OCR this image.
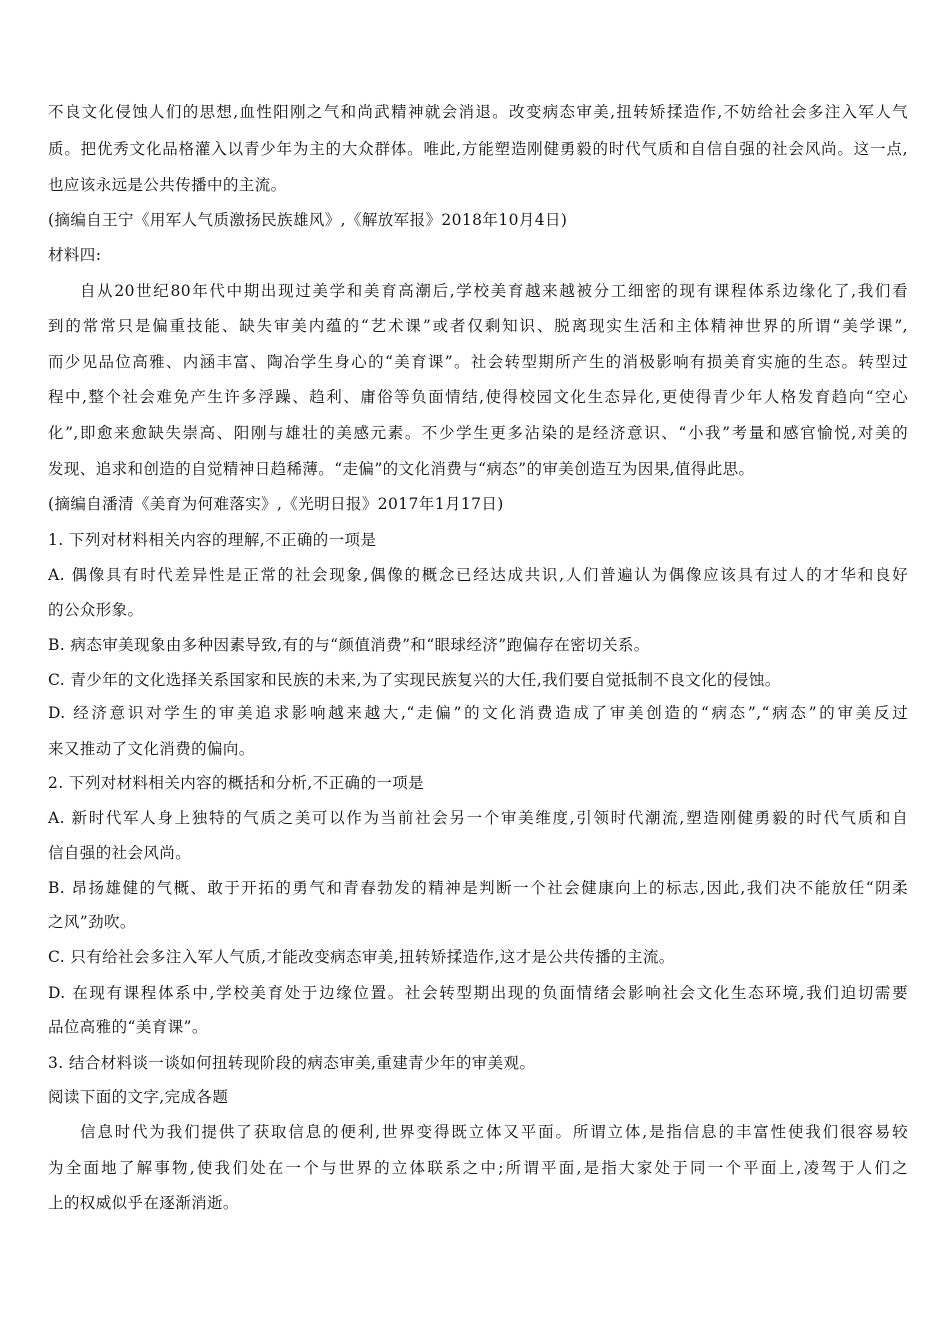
不良文化侵蚀人们的思想,血性阳刚之气和尚武精神就会消退。改变病态审美,扭转矫揉造作,不妨给社会多注入军人气
质。把优秀文化品格灌入以青少年为主的大众群体。唯此,方能塑造刚健勇毅的时代气质和自信自强的社会风尚。这一点,
也应该永远是公共传播中的主流。
(摘编自王宁《用军人气质激扬民族雄风》,《解放军报》2018年10月4日)
材料四:
自从20世纪80年代中期出现过美学和美育高潮后,学校美育越来越被分工细密的现有课程体系边缘化了,我们看
到的常常只是偏重技能、缺失审美内蕴的“艺术课”或者仅剩知识、脱离现实生活和主体精神世界的所谓“美学课”,
而少见品位高雅、内涵丰富、陶冶学生身心的“美育课”。社会转型期所产生的消极影响有损美育实施的生态。转型过
程中,整个社会难免产生许多浮躁、趋利、庸俗等负面情结,使得校园文化生态异化,更使得青少年人格发育趋向“空心
化”,即愈来愈缺失崇高、阳刚与雄壮的美感元素。不少学生更多沾染的是经济意识、“小我”考量和感官愉悦,对美的
发现、追求和创造的自觉精神日趋稀薄。“走偏”的文化消费与“病态”的审美创造互为因果,值得此思。
(摘编自潘清《美育为何难落实》,《光明日报》2017年1月17日)
1. 下列对材料相关内容的理解,不正确的一项是
A. 偶像具有时代差异性是正常的社会现象,偶像的概念已经达成共识,人们普遍认为偶像应该具有过人的才华和良好
的公众形象。
B. 病态审美现象由多种因素导致,有的与“颜值消费”和“眼球经济”跑偏存在密切关系。
C. 青少年的文化选择关系国家和民族的未来,为了实现民族复兴的大任,我们要自觉抵制不良文化的侵蚀。
D. 经济意识对学生的审美追求影响越来越大,“走偏”的文化消费造成了审美创造的“病态”,“病态”的审美反过
来又推动了文化消费的偏向。
2. 下列对材料相关内容的概括和分析,不正确的一项是
A. 新时代军人身上独特的气质之美可以作为当前社会另一个审美维度,引领时代潮流,塑造刚健勇毅的时代气质和自
信自强的社会风尚。
B. 昂扬雄健的气概、敢于开拓的勇气和青春勃发的精神是判断一个社会健康向上的标志,因此,我们决不能放任“阴柔
之风”劲吹。
C. 只有给社会多注入军人气质,才能改变病态审美,扭转矫揉造作,这才是公共传播的主流。
D. 在现有课程体系中,学校美育处于边缘位置。社会转型期出现的负面情绪会影响社会文化生态环境,我们迫切需要
品位高雅的“美育课”。
3. 结合材料谈一谈如何扭转现阶段的病态审美,重建青少年的审美观。
阅读下面的文字,完成各题
信息时代为我们提供了获取信息的便利,世界变得既立体又平面。所谓立体,是指信息的丰富性使我们很容易较
为全面地了解事物,使我们处在一个与世界的立体联系之中;所谓平面,是指大家处于同一个平面上,凌驾于人们之
上的权威似乎在逐渐消逝。
